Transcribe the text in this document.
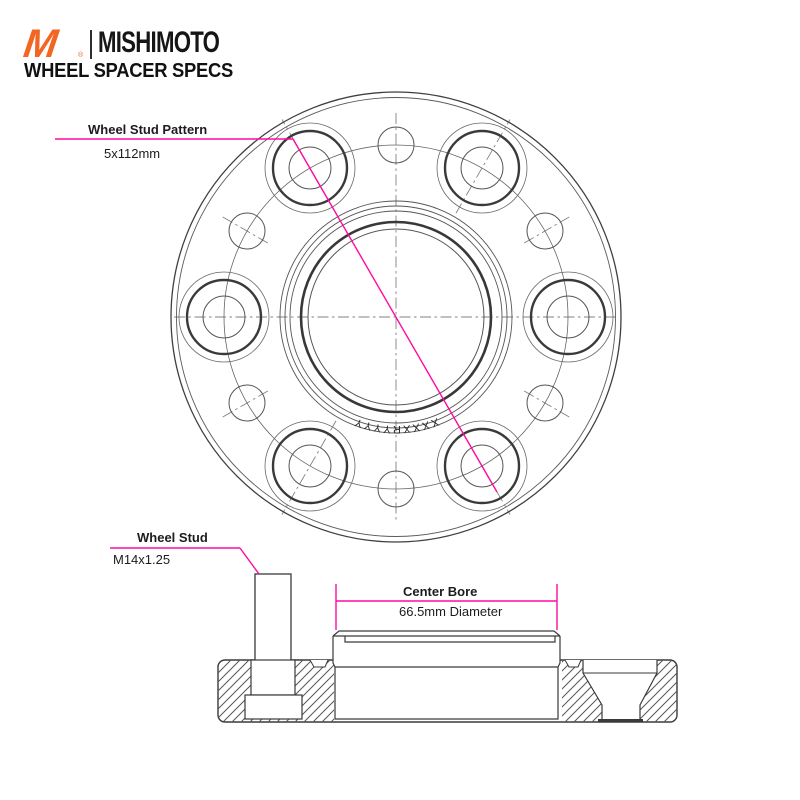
XXXXRYYYY
M	® MISHIMOTO
WHEEL SPACER SPECS
Wheel Stud Pattern
5x112mm
Wheel Stud
M14x1.25
Center Bore
66.5mm Diameter
